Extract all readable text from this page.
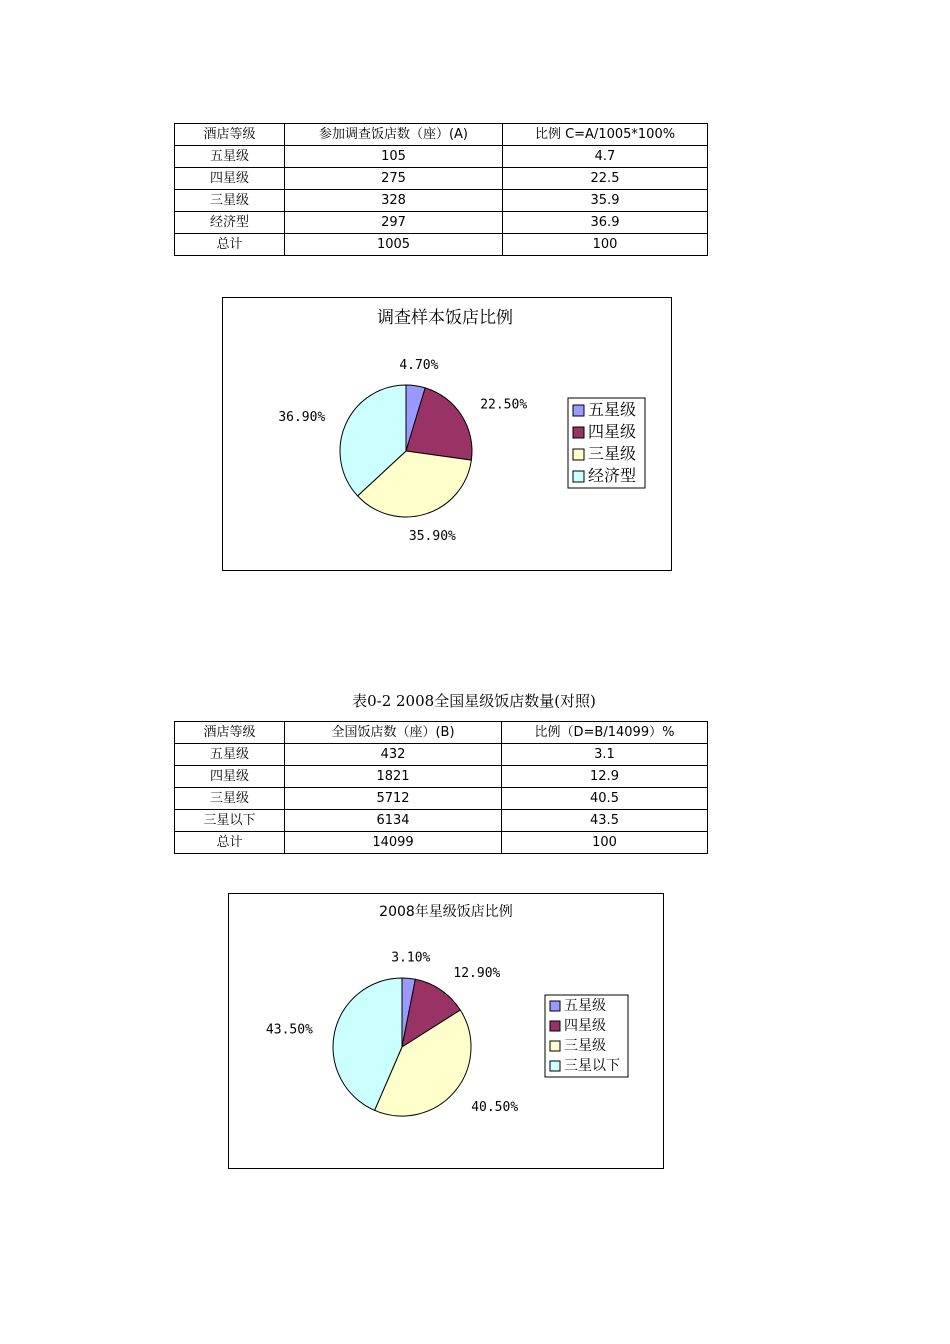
酒店等级	参加调查饭店数（座）(A)	比例 C=A/1005*100%
五星级	105	4.7
四星级	275	22.5
三星级	328	35.9
经济型	297	36.9
总计	1005	100
调查样本饭店比例
4.70%
22.50%
35.90%
36.90%	五星级
四星级
三星级
经济型
表0-2 2008全国星级饭店数量(对照)
酒店等级	全国饭店数（座）(B)	比例（D=B/14099）%
五星级	432	3.1
四星级	1821	12.9
三星级	5712	40.5
三星以下	6134	43.5
总计	14099	100
2008年星级饭店比例
3.10%
12.90%
40.50%
43.50%
五星级
四星级
三星级
三星以下
